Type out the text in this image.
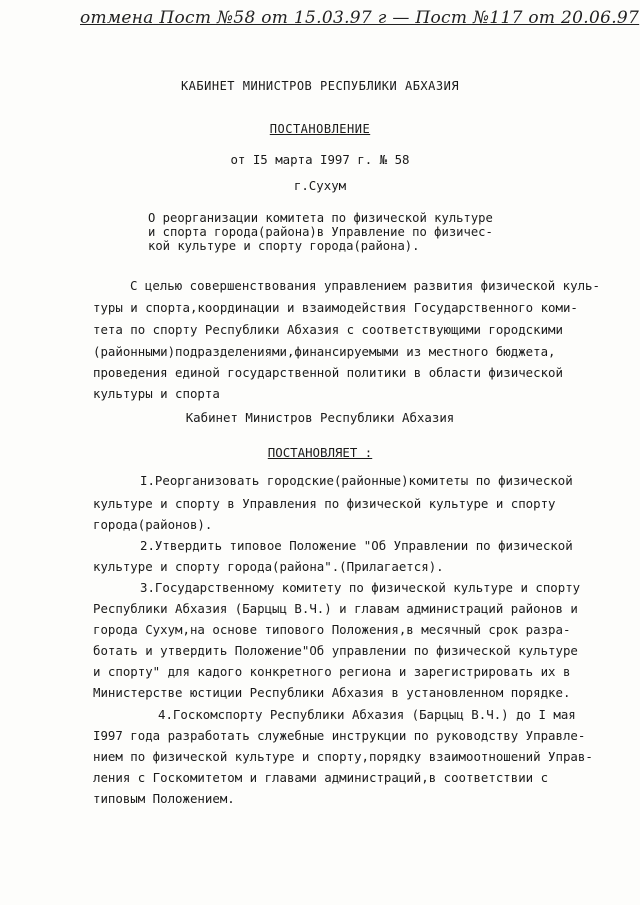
отмена Пост №58 от 15.03.97 г — Пост №117 от 20.06.97
КАБИНЕТ МИНИСТРОВ РЕСПУБЛИКИ АБХАЗИЯ
ПОСТАНОВЛЕНИЕ
от I5 марта I997 г. № 58
г.Сухум
О реорганизации комитета по физической культуре
и спорта города(района)в Управление по физичес-
кой культуре и спорту города(района).
С целью совершенствования управлением развития физической куль-
туры и спорта,координации и взаимодействия Государственного коми-
тета по спорту Республики Абхазия с соответствующими городскими
(районными)подразделениями,финансируемыми из местного бюджета,
проведения единой государственной политики в области физической
культуры и спорта
Кабинет Министров Республики Абхазия
ПОСТАНОВЛЯЕТ :
I.Реорганизовать городские(районные)комитеты по физической
культуре и спорту в Управления по физической культуре и спорту
города(районов).
2.Утвердить типовое Положение "Об Управлении по физической
культуре и спорту города(района".(Прилагается).
3.Государственному комитету по физической культуре и спорту
Республики Абхазия (Барцыц В.Ч.) и главам администраций районов и
города Сухум,на основе типового Положения,в месячный срок разра-
ботать и утвердить Положение"Об управлении по физической культуре
и спорту" для кадого конкретного региона и зарегистрировать их в
Министерстве юстиции Республики Абхазия в установленном порядке.
4.Госкомспорту Республики Абхазия (Барцыц В.Ч.) до I мая
I997 года разработать служебные инструкции по руководству Управле-
нием по физической культуре и спорту,порядку взаимоотношений Управ-
ления с Госкомитетом и главами администраций,в соответствии с
типовым Положением.
